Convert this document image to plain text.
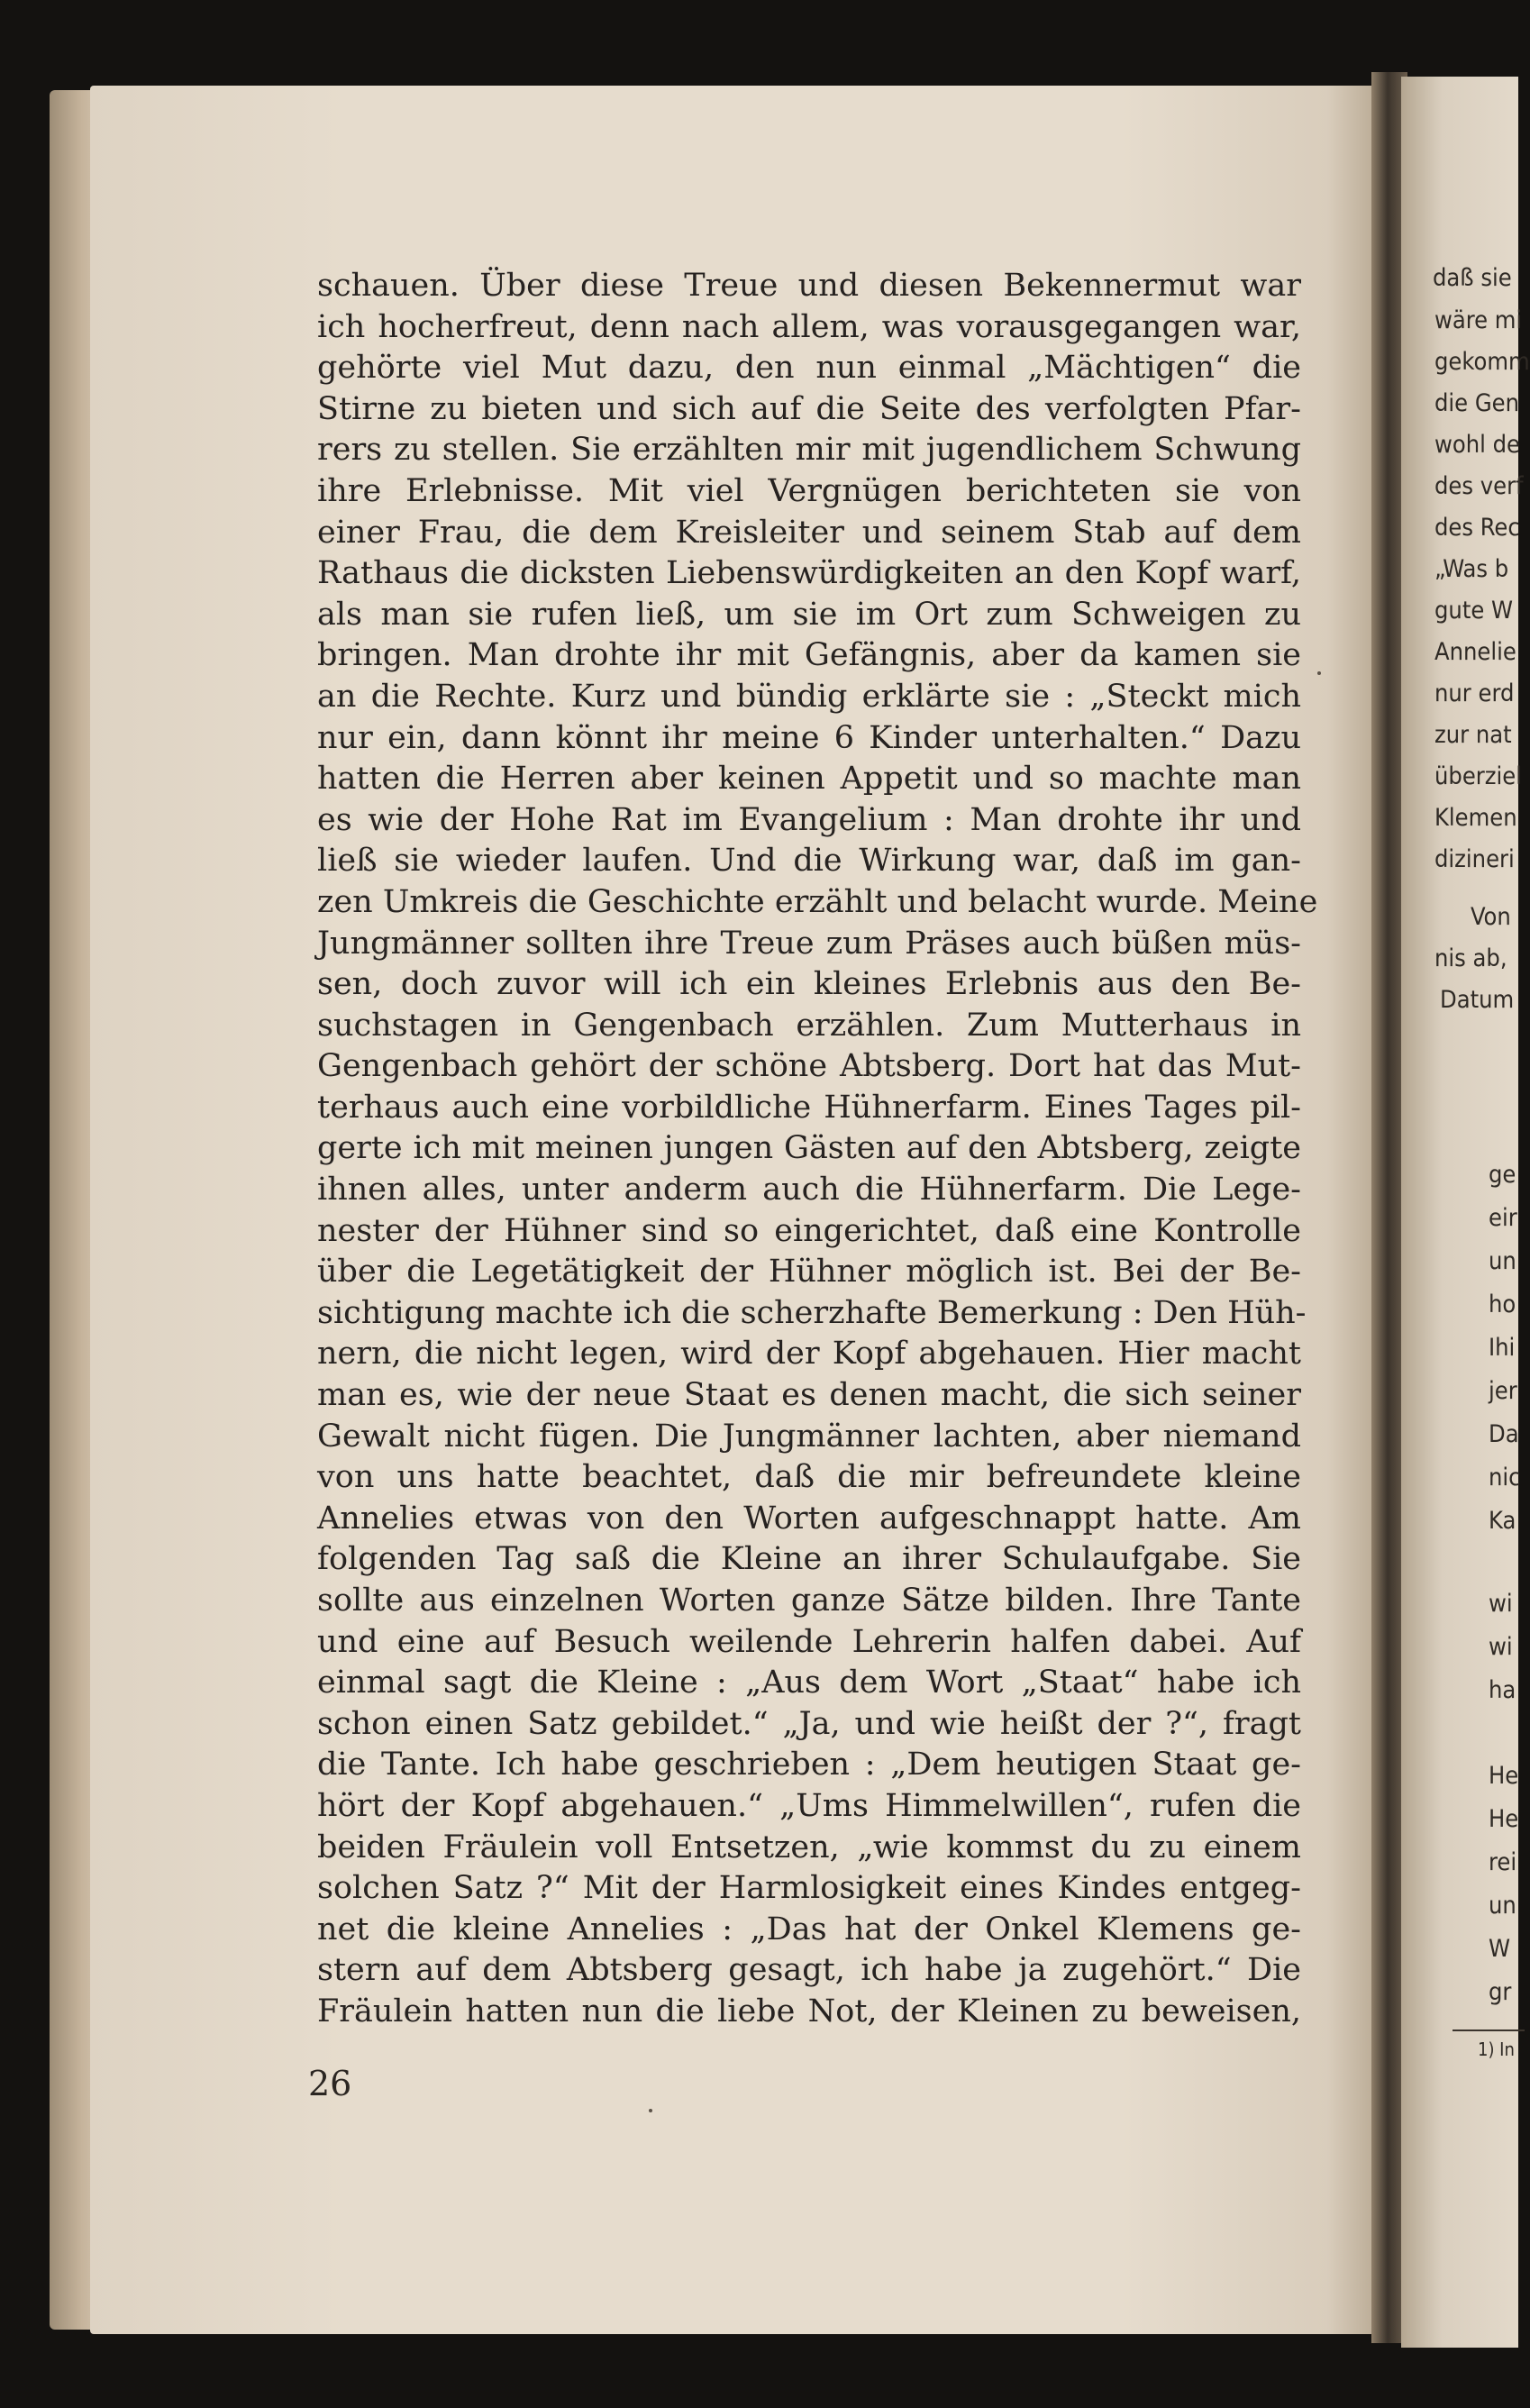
schauen. Über diese Treue und diesen Bekennermut war
ich hocherfreut, denn nach allem, was vorausgegangen war,
gehörte viel Mut dazu, den nun einmal „Mächtigen“ die
Stirne zu bieten und sich auf die Seite des verfolgten Pfar-
rers zu stellen. Sie erzählten mir mit jugendlichem Schwung
ihre Erlebnisse. Mit viel Vergnügen berichteten sie von
einer Frau, die dem Kreisleiter und seinem Stab auf dem
Rathaus die dicksten Liebenswürdigkeiten an den Kopf warf,
als man sie rufen ließ, um sie im Ort zum Schweigen zu
bringen. Man drohte ihr mit Gefängnis, aber da kamen sie
an die Rechte. Kurz und bündig erklärte sie : „Steckt mich
nur ein, dann könnt ihr meine 6 Kinder unterhalten.“ Dazu
hatten die Herren aber keinen Appetit und so machte man
es wie der Hohe Rat im Evangelium : Man drohte ihr und
ließ sie wieder laufen. Und die Wirkung war, daß im gan-
zen Umkreis die Geschichte erzählt und belacht wurde. Meine
Jungmänner sollten ihre Treue zum Präses auch büßen müs-
sen, doch zuvor will ich ein kleines Erlebnis aus den Be-
suchstagen in Gengenbach erzählen. Zum Mutterhaus in
Gengenbach gehört der schöne Abtsberg. Dort hat das Mut-
terhaus auch eine vorbildliche Hühnerfarm. Eines Tages pil-
gerte ich mit meinen jungen Gästen auf den Abtsberg, zeigte
ihnen alles, unter anderm auch die Hühnerfarm. Die Lege-
nester der Hühner sind so eingerichtet, daß eine Kontrolle
über die Legetätigkeit der Hühner möglich ist. Bei der Be-
sichtigung machte ich die scherzhafte Bemerkung : Den Hüh-
nern, die nicht legen, wird der Kopf abgehauen. Hier macht
man es, wie der neue Staat es denen macht, die sich seiner
Gewalt nicht fügen. Die Jungmänner lachten, aber niemand
von uns hatte beachtet, daß die mir befreundete kleine
Annelies etwas von den Worten aufgeschnappt hatte. Am
folgenden Tag saß die Kleine an ihrer Schulaufgabe. Sie
sollte aus einzelnen Worten ganze Sätze bilden. Ihre Tante
und eine auf Besuch weilende Lehrerin halfen dabei. Auf
einmal sagt die Kleine : „Aus dem Wort „Staat“ habe ich
schon einen Satz gebildet.“ „Ja, und wie heißt der ?“, fragt
die Tante. Ich habe geschrieben : „Dem heutigen Staat ge-
hört der Kopf abgehauen.“ „Ums Himmelwillen“, rufen die
beiden Fräulein voll Entsetzen, „wie kommst du zu einem
solchen Satz ?“ Mit der Harmlosigkeit eines Kindes entgeg-
net die kleine Annelies : „Das hat der Onkel Klemens ge-
stern auf dem Abtsberg gesagt, ich habe ja zugehört.“ Die
Fräulein hatten nun die liebe Not, der Kleinen zu beweisen,
26
daß sie
wäre mi
gekomm
die Gen
wohl de
des verf
des Rec
„Was b
gute W
Annelie
nur erd
zur nat
überziel
Klemen
dizineri
Von
nis ab,
Datum
ge
eir
un
ho
Ihi
jer
Da
nic
Ka
wi
wi
ha
He
He
rei
un
W
gr
1) In
